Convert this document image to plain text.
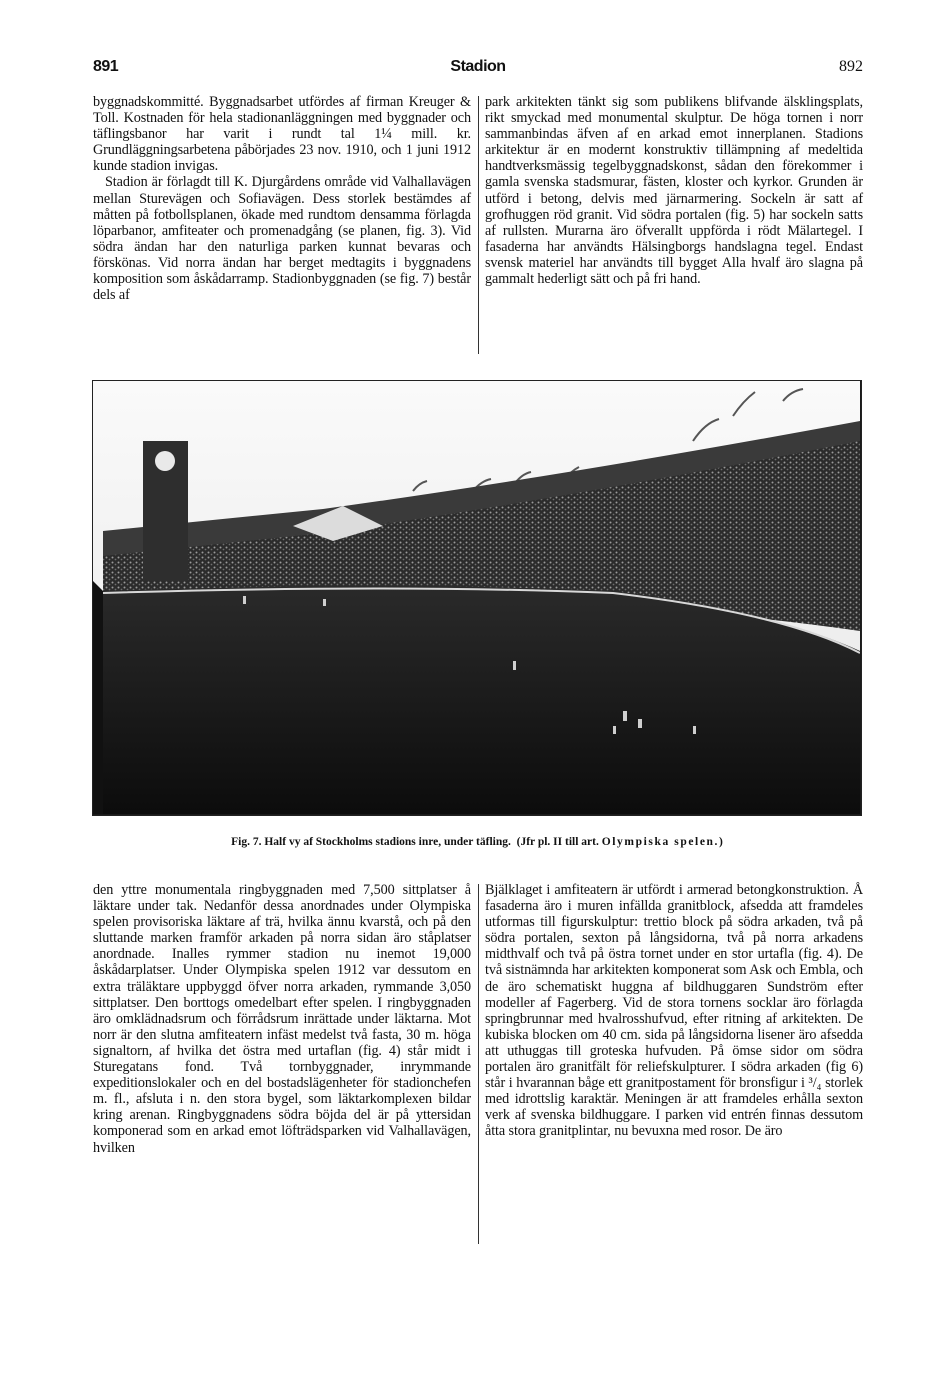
891	Stadion	892

byggnadskommitté. Byggnadsarbet utfördes af firman Kreuger & Toll. Kostnaden för hela stadionanläggningen med byggnader och täflingsbanor har varit i rundt tal 1¼ mill. kr. Grundläggningsarbetena påbörjades 23 nov. 1910, och 1 juni 1912 kunde stadion invigas.

Stadion är förlagdt till K. Djurgårdens område vid Valhallavägen mellan Sturevägen och Sofiavägen. Dess storlek bestämdes af måtten på fotbollsplanen, ökade med rundtom densamma förlagda löparbanor, amfiteater och promenadgång (se planen, fig. 3). Vid södra ändan har den naturliga parken kunnat bevaras och förskönas. Vid norra ändan har berget medtagits i byggnadens komposition som åskådarramp. Stadionbyggnaden (se fig. 7) består dels af

park arkitekten tänkt sig som publikens blifvande älsklingsplats, rikt smyckad med monumental skulptur. De höga tornen i norr sammanbindas äfven af en arkad emot innerplanen. Stadions arkitektur är en modernt konstruktiv tillämpning af medeltida handtverksmässig tegelbyggnadskonst, sådan den förekommer i gamla svenska stadsmurar, fästen, kloster och kyrkor. Grunden är utförd i betong, delvis med järnarmering. Sockeln är satt af grofhuggen röd granit. Vid södra portalen (fig. 5) har sockeln satts af rullsten. Murarna äro öfverallt uppförda i rödt Mälartegel. I fasaderna har användts Hälsingborgs handslagna tegel. Endast svensk materiel har användts till bygget Alla hvalf äro slagna på gammalt hederligt sätt och på fri hand.

Fig. 7. Half vy af Stockholms stadions inre, under täfling. (Jfr pl. II till art. Olympiska spelen.)

den yttre monumentala ringbyggnaden med 7,500 sittplatser å läktare under tak. Nedanför dessa anordnades under Olympiska spelen provisoriska läktare af trä, hvilka ännu kvarstå, och på den sluttande marken framför arkaden på norra sidan äro ståplatser anordnade. Inalles rymmer stadion nu inemot 19,000 åskådarplatser. Under Olympiska spelen 1912 var dessutom en extra träläktare uppbyggd öfver norra arkaden, rymmande 3,050 sittplatser. Den borttogs omedelbart efter spelen. I ringbyggnaden äro omklädnadsrum och förrådsrum inrättade under läktarna. Mot norr är den slutna amfiteatern infäst medelst två fasta, 30 m. höga signaltorn, af hvilka det östra med urtaflan (fig. 4) står midt i Sturegatans fond. Två tornbyggnader, inrymmande expeditionslokaler och en del bostadslägenheter för stadionchefen m. fl., afsluta i n. den stora bygel, som läktarkomplexen bildar kring arenan. Ringbyggnadens södra böjda del är på yttersidan komponerad som en arkad emot löfträdsparken vid Valhallavägen, hvilken

Bjälklaget i amfiteatern är utfördt i armerad betongkonstruktion. Å fasaderna äro i muren infällda granitblock, afsedda att framdeles utformas till figurskulptur: trettio block på södra arkaden, två på södra portalen, sexton på långsidorna, två på norra arkadens midthvalf och två på östra tornet under en stor urtafla (fig. 4). De två sistnämnda har arkitekten komponerat som Ask och Embla, och de äro schematiskt huggna af bildhuggaren Sundström efter modeller af Fagerberg. Vid de stora tornens socklar äro förlagda springbrunnar med hvalrosshufvud, efter ritning af arkitekten. De kubiska blocken om 40 cm. sida på långsidorna lisener äro afsedda att uthuggas till groteska hufvuden. På ömse sidor om södra portalen äro granitfält för reliefskulpturer. I södra arkaden (fig 6) står i hvarannan båge ett granitpostament för bronsfigur i ³/₄ storlek med idrottslig karaktär. Meningen är att framdeles erhålla sexton verk af svenska bildhuggare. I parken vid entrén finnas dessutom åtta stora granitplintar, nu bevuxna med rosor. De äro
